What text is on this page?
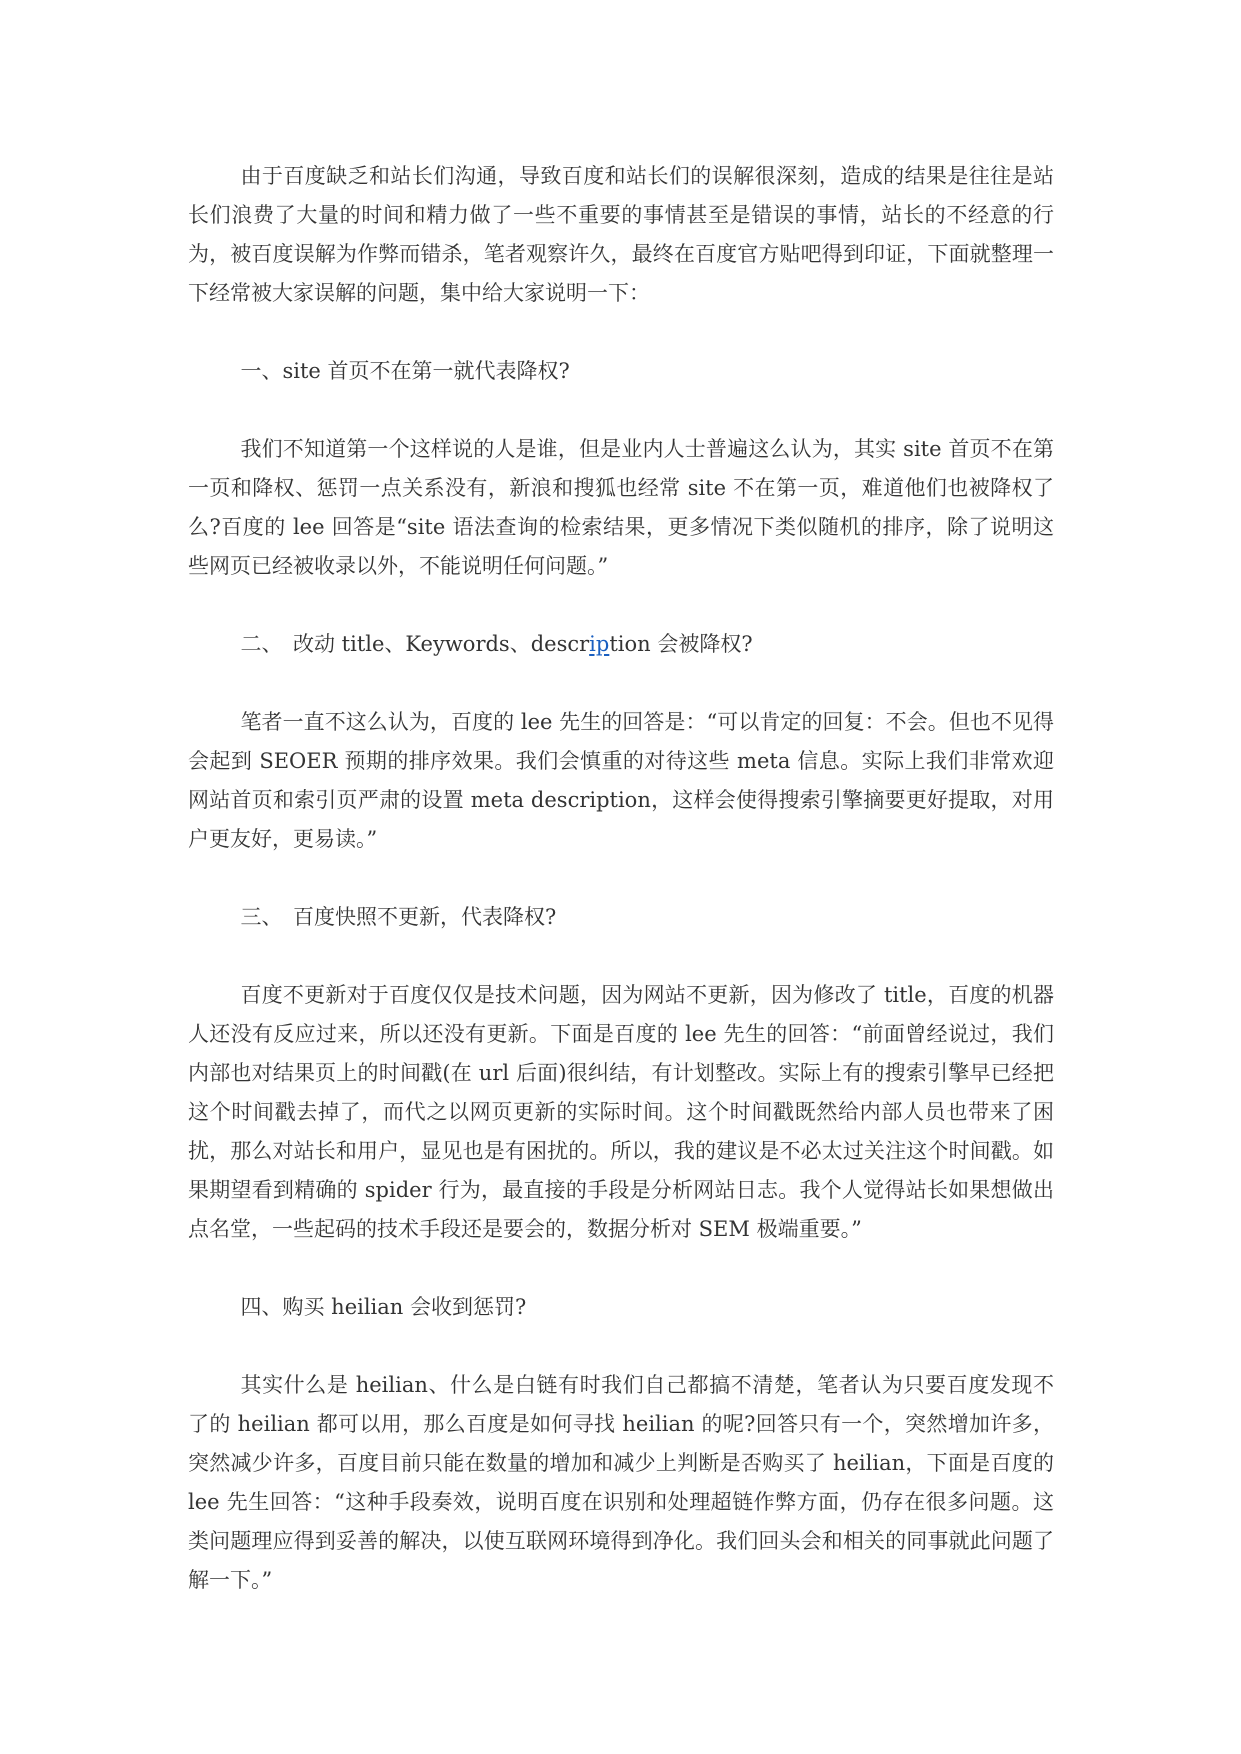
由于百度缺乏和站长们沟通，导致百度和站长们的误解很深刻，造成的结果是往往是站长们浪费了大量的时间和精力做了一些不重要的事情甚至是错误的事情，站长的不经意的行为，被百度误解为作弊而错杀，笔者观察许久，最终在百度官方贴吧得到印证，下面就整理一下经常被大家误解的问题，集中给大家说明一下：

一、site 首页不在第一就代表降权?

我们不知道第一个这样说的人是谁，但是业内人士普遍这么认为，其实 site 首页不在第一页和降权、惩罚一点关系没有，新浪和搜狐也经常 site 不在第一页，难道他们也被降权了么?百度的 lee 回答是“site 语法查询的检索结果，更多情况下类似随机的排序，除了说明这些网页已经被收录以外，不能说明任何问题。”

二、　改动 title、Keywords、description 会被降权?

笔者一直不这么认为，百度的 lee 先生的回答是：“可以肯定的回复：不会。但也不见得会起到 SEOER 预期的排序效果。我们会慎重的对待这些 meta 信息。实际上我们非常欢迎网站首页和索引页严肃的设置 meta description，这样会使得搜索引擎摘要更好提取，对用户更友好，更易读。”

三、　百度快照不更新，代表降权?

百度不更新对于百度仅仅是技术问题，因为网站不更新，因为修改了 title，百度的机器人还没有反应过来，所以还没有更新。下面是百度的 lee 先生的回答：“前面曾经说过，我们内部也对结果页上的时间戳(在 url 后面)很纠结，有计划整改。实际上有的搜索引擎早已经把这个时间戳去掉了，而代之以网页更新的实际时间。这个时间戳既然给内部人员也带来了困扰，那么对站长和用户，显见也是有困扰的。所以，我的建议是不必太过关注这个时间戳。如果期望看到精确的 spider 行为，最直接的手段是分析网站日志。我个人觉得站长如果想做出点名堂，一些起码的技术手段还是要会的，数据分析对 SEM 极端重要。”

四、购买 heilian 会收到惩罚?

其实什么是 heilian、什么是白链有时我们自己都搞不清楚，笔者认为只要百度发现不了的 heilian 都可以用，那么百度是如何寻找 heilian 的呢?回答只有一个，突然增加许多，突然减少许多，百度目前只能在数量的增加和减少上判断是否购买了 heilian，下面是百度的 lee 先生回答：“这种手段奏效，说明百度在识别和处理超链作弊方面，仍存在很多问题。这类问题理应得到妥善的解决，以使互联网环境得到净化。我们回头会和相关的同事就此问题了解一下。”
